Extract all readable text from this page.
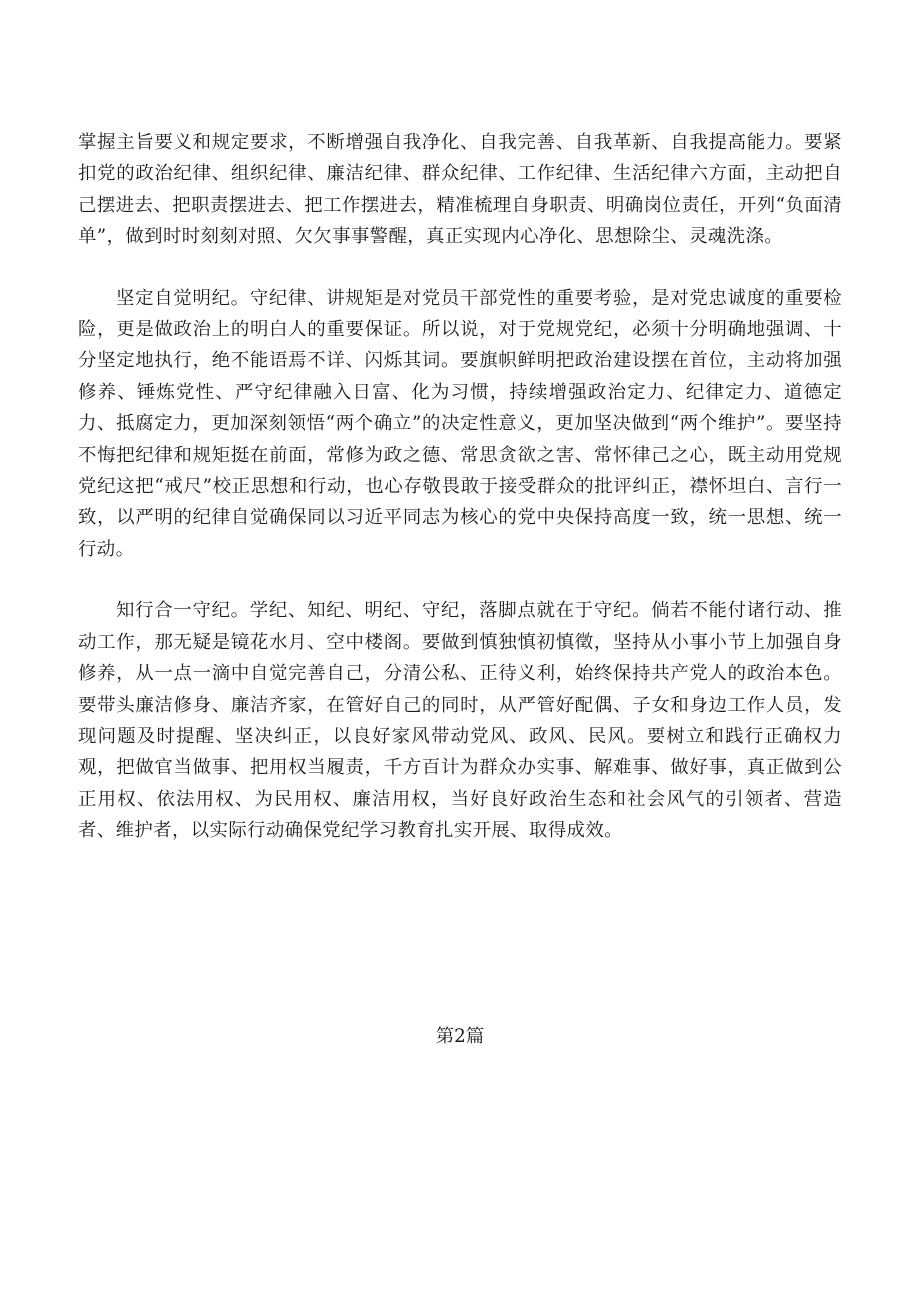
掌握主旨要义和规定要求，不断增强自我净化、自我完善、自我革新、自我提高能力。要紧扣党的政治纪律、组织纪律、廉洁纪律、群众纪律、工作纪律、生活纪律六方面，主动把自己摆进去、把职责摆进去、把工作摆进去，精准梳理自身职责、明确岗位责任，开列“负面清单”，做到时时刻刻对照、欠欠事事警醒，真正实现内心净化、思想除尘、灵魂洗涤。

坚定自觉明纪。守纪律、讲规矩是对党员干部党性的重要考验，是对党忠诚度的重要检险，更是做政治上的明白人的重要保证。所以说，对于党规党纪，必须十分明确地强调、十分坚定地执行，绝不能语焉不详、闪烁其词。要旗帜鲜明把政治建设摆在首位，主动将加强修养、锤炼党性、严守纪律融入日富、化为习惯，持续增强政治定力、纪律定力、道德定力、抵腐定力，更加深刻领悟“两个确立”的决定性意义，更加坚决做到“两个维护”。要坚持不悔把纪律和规矩挺在前面，常修为政之德、常思贪欲之害、常怀律己之心，既主动用党规党纪这把“戒尺”校正思想和行动，也心存敬畏敢于接受群众的批评纠正，襟怀坦白、言行一致，以严明的纪律自觉确保同以习近平同志为核心的党中央保持高度一致，统一思想、统一行动。

知行合一守纪。学纪、知纪、明纪、守纪，落脚点就在于守纪。倘若不能付诸行动、推动工作，那无疑是镜花水月、空中楼阁。要做到慎独慎初慎徵，坚持从小事小节上加强自身修养，从一点一滴中自觉完善自己，分清公私、正待义利，始终保持共产党人的政治本色。要带头廉洁修身、廉洁齐家，在管好自己的同时，从严管好配偶、子女和身边工作人员，发现问题及时提醒、坚决纠正，以良好家风带动党风、政风、民风。要树立和践行正确权力观，把做官当做事、把用权当履责，千方百计为群众办实事、解难事、做好事，真正做到公正用权、依法用权、为民用权、廉洁用权，当好良好政治生态和社会风气的引领者、营造者、维护者，以实际行动确保党纪学习教育扎实开展、取得成效。

第2篇
